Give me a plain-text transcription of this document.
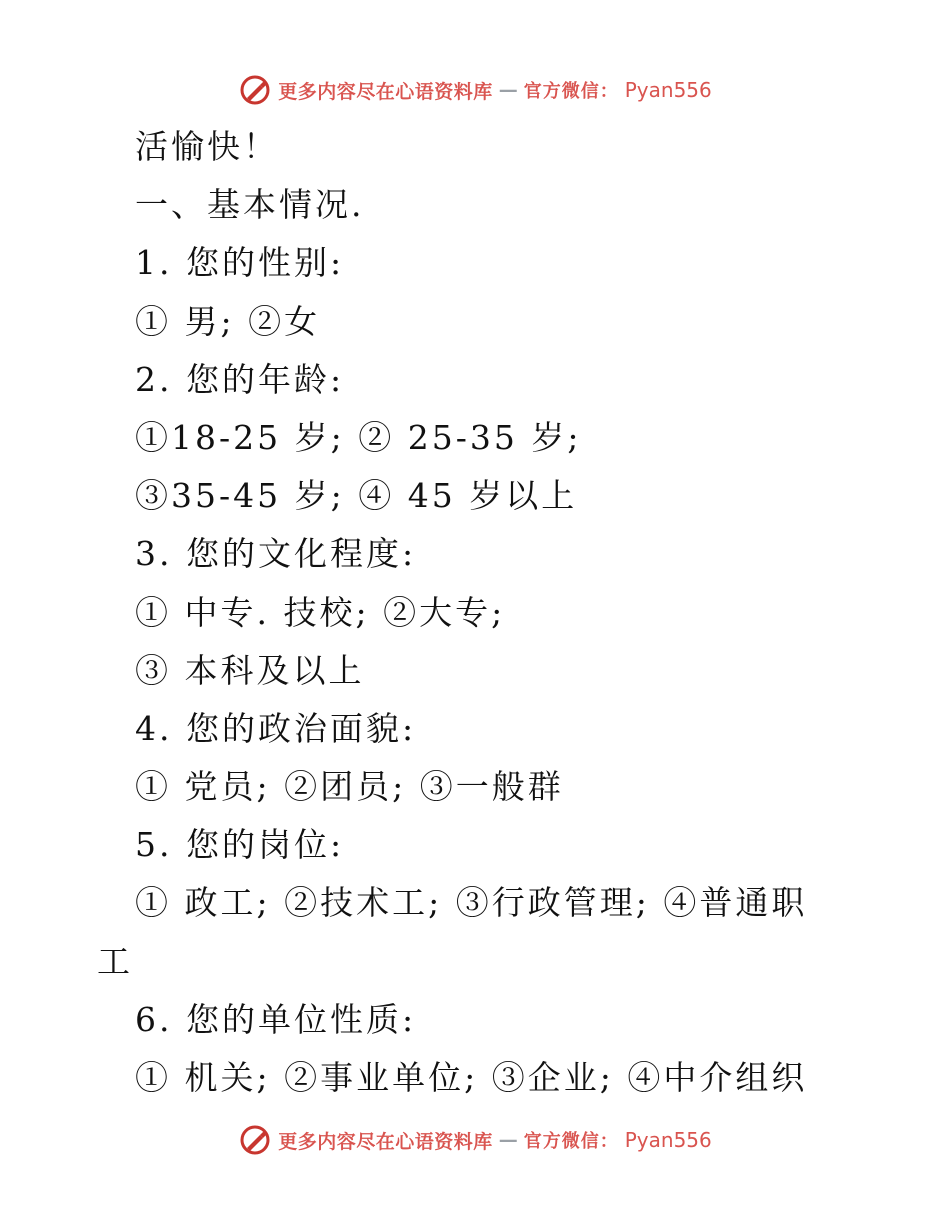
更多内容尽在心语资料库 — 官方微信： Pyan556
活愉快！
一、基本情况.
1. 您的性别:
① 男; ②女
2. 您的年龄:
①18-25 岁; ② 25-35 岁;
③35-45 岁; ④ 45 岁以上
3. 您的文化程度:
① 中专. 技校; ②大专;
③ 本科及以上
4. 您的政治面貌:
① 党员; ②团员; ③一般群
5. 您的岗位:
① 政工; ②技术工; ③行政管理; ④普通职
工
6. 您的单位性质:
① 机关; ②事业单位; ③企业; ④中介组织
更多内容尽在心语资料库 — 官方微信： Pyan556
